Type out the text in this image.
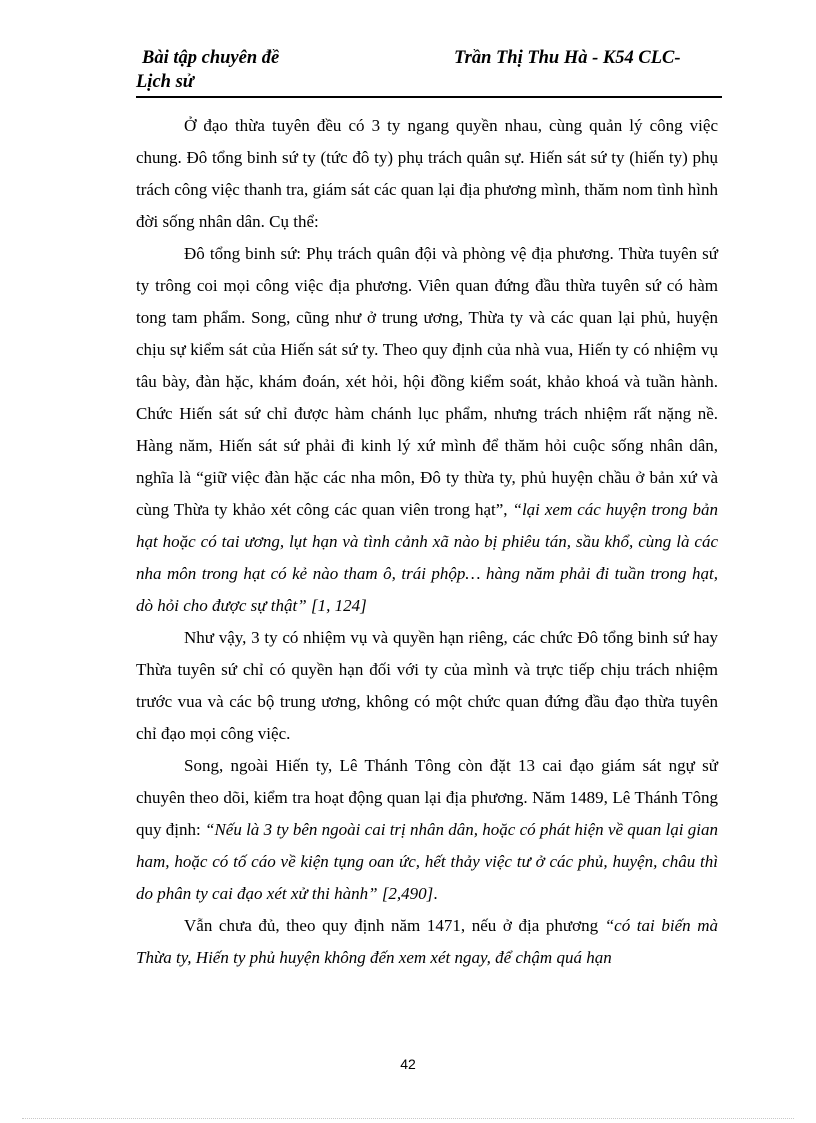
Bài tập chuyên đề	Trần Thị Thu Hà - K54 CLC-
Lịch sử

Ở đạo thừa tuyên đều có 3 ty ngang quyền nhau, cùng quản lý công việc chung. Đô tổng binh sứ ty (tức đô ty) phụ trách quân sự. Hiến sát sứ ty (hiến ty) phụ trách công việc thanh tra, giám sát các quan lại địa phương mình, thăm nom tình hình đời sống nhân dân. Cụ thể:

Đô tổng binh sứ: Phụ trách quân đội và phòng vệ địa phương. Thừa tuyên sứ ty trông coi mọi công việc địa phương. Viên quan đứng đầu thừa tuyên sứ có hàm tong tam phẩm. Song, cũng như ở trung ương, Thừa ty và các quan lại phủ, huyện chịu sự kiểm sát của Hiến sát sứ ty. Theo quy định của nhà vua, Hiến ty có nhiệm vụ tâu bày, đàn hặc, khám đoán, xét hỏi, hội đồng kiểm soát, khảo khoá và tuần hành. Chức Hiến sát sứ chỉ được hàm chánh lục phẩm, nhưng trách nhiệm rất nặng nề. Hàng năm, Hiến sát sứ phải đi kinh lý xứ mình để thăm hỏi cuộc sống nhân dân, nghĩa là “giữ việc đàn hặc các nha môn, Đô ty thừa ty, phủ huyện chầu ở bản xứ và cùng Thừa ty khảo xét công các quan viên trong hạt”, “lại xem các huyện trong bản hạt hoặc có tai ương, lụt hạn và tình cảnh xã nào bị phiêu tán, sầu khổ, cùng là các nha môn trong hạt có kẻ nào tham ô, trái phộp… hàng năm phải đi tuần trong hạt, dò hỏi cho được sự thật” [1, 124]

Như vậy, 3 ty có nhiệm vụ và quyền hạn riêng, các chức Đô tổng binh sứ hay Thừa tuyên sứ chỉ có quyền hạn đối với ty của mình và trực tiếp chịu trách nhiệm trước vua và các bộ trung ương, không có một chức quan đứng đầu đạo thừa tuyên chỉ đạo mọi công việc.

Song, ngoài Hiến ty, Lê Thánh Tông còn đặt 13 cai đạo giám sát ngự sử chuyên theo dõi, kiểm tra hoạt động quan lại địa phương. Năm 1489, Lê Thánh Tông quy định: “Nếu là 3 ty bên ngoài cai trị nhân dân, hoặc có phát hiện về quan lại gian ham, hoặc có tố cáo về kiện tụng oan ức, hết thảy việc tư ở các phủ, huyện, châu thì do phân ty cai đạo xét xử thi hành” [2,490].

Vẫn chưa đủ, theo quy định năm 1471, nếu ở địa phương “có tai biến mà Thừa ty, Hiến ty phủ huyện không đến xem xét ngay, để chậm quá hạn

42
